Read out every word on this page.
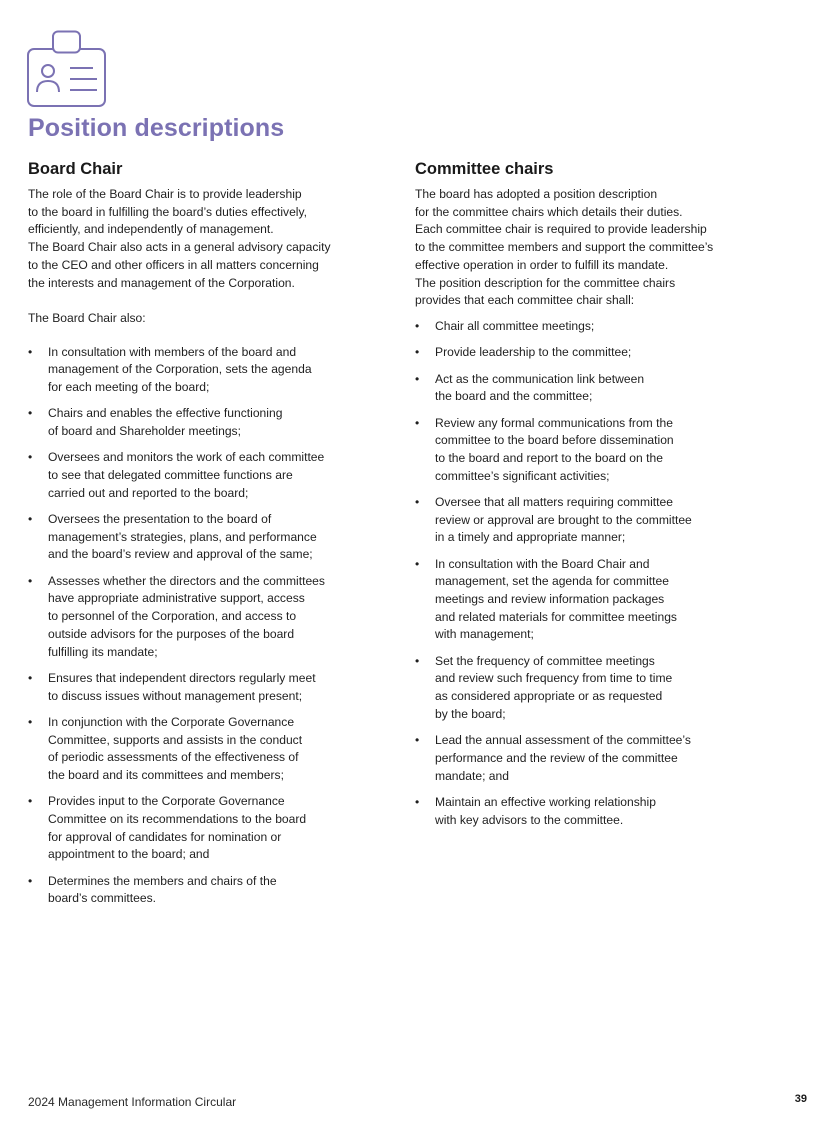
Position descriptions
Board Chair

The role of the Board Chair is to provide leadership
to the board in fulfilling the board’s duties effectively,
efficiently, and independently of management.
The Board Chair also acts in a general advisory capacity
to the CEO and other officers in all matters concerning
the interests and management of the Corporation.

The Board Chair also:

• In consultation with members of the board and
management of the Corporation, sets the agenda
for each meeting of the board;
• Chairs and enables the effective functioning
of board and Shareholder meetings;
• Oversees and monitors the work of each committee
to see that delegated committee functions are
carried out and reported to the board;
• Oversees the presentation to the board of
management’s strategies, plans, and performance
and the board’s review and approval of the same;
• Assesses whether the directors and the committees
have appropriate administrative support, access
to personnel of the Corporation, and access to
outside advisors for the purposes of the board
fulfilling its mandate;
• Ensures that independent directors regularly meet
to discuss issues without management present;
• In conjunction with the Corporate Governance
Committee, supports and assists in the conduct
of periodic assessments of the effectiveness of
the board and its committees and members;
• Provides input to the Corporate Governance
Committee on its recommendations to the board
for approval of candidates for nomination or
appointment to the board; and
• Determines the members and chairs of the
board’s committees.
Committee chairs

The board has adopted a position description
for the committee chairs which details their duties.
Each committee chair is required to provide leadership
to the committee members and support the committee’s
effective operation in order to fulfill its mandate.
The position description for the committee chairs
provides that each committee chair shall:

• Chair all committee meetings;
• Provide leadership to the committee;
• Act as the communication link between
the board and the committee;
• Review any formal communications from the
committee to the board before dissemination
to the board and report to the board on the
committee’s significant activities;
• Oversee that all matters requiring committee
review or approval are brought to the committee
in a timely and appropriate manner;
• In consultation with the Board Chair and
management, set the agenda for committee
meetings and review information packages
and related materials for committee meetings
with management;
• Set the frequency of committee meetings
and review such frequency from time to time
as considered appropriate or as requested
by the board;
• Lead the annual assessment of the committee’s
performance and the review of the committee
mandate; and
• Maintain an effective working relationship
with key advisors to the committee.
2024 Management Information Circular	39
